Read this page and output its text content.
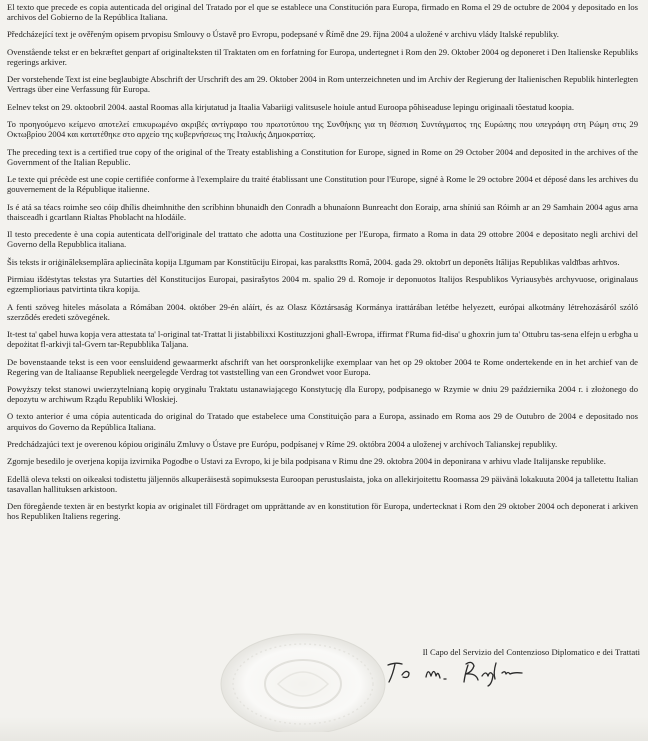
El texto que precede es copia autenticada del original del Tratado por el que se establece una Constitución para Europa, firmado en Roma el 29 de octubre de 2004 y depositado en los archivos del Gobierno de la República Italiana.

Předcházející text je ověřeným opisem prvopisu Smlouvy o Ústavě pro Evropu, podepsané v Římě dne 29. října 2004 a uložené v archivu vlády Italské republiky.

Ovenstående tekst er en bekræftet genpart af originalteksten til Traktaten om en forfatning for Europa, undertegnet i Rom den 29. Oktober 2004 og deponeret i Den Italienske Republiks regerings arkiver.

Der vorstehende Text ist eine beglaubigte Abschrift der Urschrift des am 29. Oktober 2004 in Rom unterzeichneten und im Archiv der Regierung der Italienischen Republik hinterlegten Vertrags über eine Verfassung für Europa.

Eelnev tekst on 29. oktoobril 2004. aastal Roomas alla kirjutatud ja Itaalia Vabariigi valitsusele hoiule antud Euroopa põhiseaduse lepingu originaali tõestatud koopia.

Το προηγούμενο κείμενο αποτελεί επικυρωμένο ακριβές αντίγραφο του πρωτοτύπου της Συνθήκης για τη θέσπιση Συντάγματος της Ευρώπης που υπεγράφη στη Ρώμη στις 29 Οκτωβρίου 2004 και κατατέθηκε στο αρχείο της κυβερνήσεως της Ιταλικής Δημοκρατίας.

The preceding text is a certified true copy of the original of the Treaty establishing a Constitution for Europe, signed in Rome on 29 October 2004 and deposited in the archives of the Government of the Italian Republic.

Le texte qui précède est une copie certifiée conforme à l'exemplaire du traité établissant une Constitution pour l'Europe, signé à Rome le 29 octobre 2004 et déposé dans les archives du gouvernement de la République italienne.

Is é atá sa téacs roimhe seo cóip dhílis dheimhnithe den scríbhinn bhunaidh den Conradh a bhunaíonn Bunreacht don Eoraip, arna shíniú san Róimh ar an 29 Samhain 2004 agus arna thaisceadh i gcartlann Rialtas Phoblacht na hIodáile.

Il testo precedente è una copia autenticata dell'originale del trattato che adotta una Costituzione per l'Europa, firmato a Roma in data 29 ottobre 2004 e depositato negli archivi del Governo della Repubblica italiana.

Šis teksts ir oriģināleksemplāra apliecināta kopija Līgumam par Konstitūciju Eiropai, kas parakstīts Romā, 2004. gada 29. oktobrī un deponēts Itālijas Republikas valdības arhīvos.

Pirmiau išdėstytas tekstas yra Sutarties dėl Konstitucijos Europai, pasirašytos 2004 m. spalio 29 d. Romoje ir deponuotos Italijos Respublikos Vyriausybės archyvuose, originalaus egzemplioriaus patvirtinta tikra kopija.

A fenti szöveg hiteles másolata a Rómában 2004. október 29-én aláírt, és az Olasz Köztársaság Kormánya irattárában letétbe helyezett, európai alkotmány létrehozásáról szóló szerződés eredeti szövegének.

It-test ta' qabel huwa kopja vera attestata ta' l-original tat-Trattat li jistabbilixxi Kostituzzjoni għall-Ewropa, iffirmat f'Ruma fid-disa' u għoxrin jum ta' Ottubru tas-sena elfejn u erbgħa u depożitat fl-arkivji tal-Gvern tar-Repubblika Taljana.

De bovenstaande tekst is een voor eensluidend gewaarmerkt afschrift van het oorspronkelijke exemplaar van het op 29 oktober 2004 te Rome ondertekende en in het archief van de Regering van de Italiaanse Republiek neergelegde Verdrag tot vaststelling van een Grondwet voor Europa.

Powyższy tekst stanowi uwierzytelnianą kopię oryginału Traktatu ustanawiającego Konstytucję dla Europy, podpisanego w Rzymie w dniu 29 października 2004 r. i złożonego do depozytu w archiwum Rządu Republiki Włoskiej.

O texto anterior é uma cópia autenticada do original do Tratado que estabelece uma Constituição para a Europa, assinado em Roma aos 29 de Outubro de 2004 e depositado nos arquivos do Governo da República Italiana.

Predchádzajúci text je overenou kópiou originálu Zmluvy o Ústave pre Európu, podpísanej v Ríme 29. októbra 2004 a uloženej v archívoch Talianskej republiky.

Zgornje besedilo je overjena kopija izvirnika Pogodbe o Ustavi za Evropo, ki je bila podpisana v Rimu dne 29. oktobra 2004 in deponirana v arhivu vlade Italijanske republike.

Edellä oleva teksti on oikeaksi todistettu jäljennös alkuperäisestä sopimuksesta Euroopan perustuslaista, joka on allekirjoitettu Roomassa 29 päivänä lokakuuta 2004 ja talletettu Italian tasavallan hallituksen arkistoon.

Den föregående texten är en bestyrkt kopia av originalet till Fördraget om upprättande av en konstitution för Europa, undertecknat i Rom den 29 oktober 2004 och deponerat i arkiven hos Republiken Italiens regering.

Il Capo del Servizio del Contenzioso Diplomatico e dei Trattati
